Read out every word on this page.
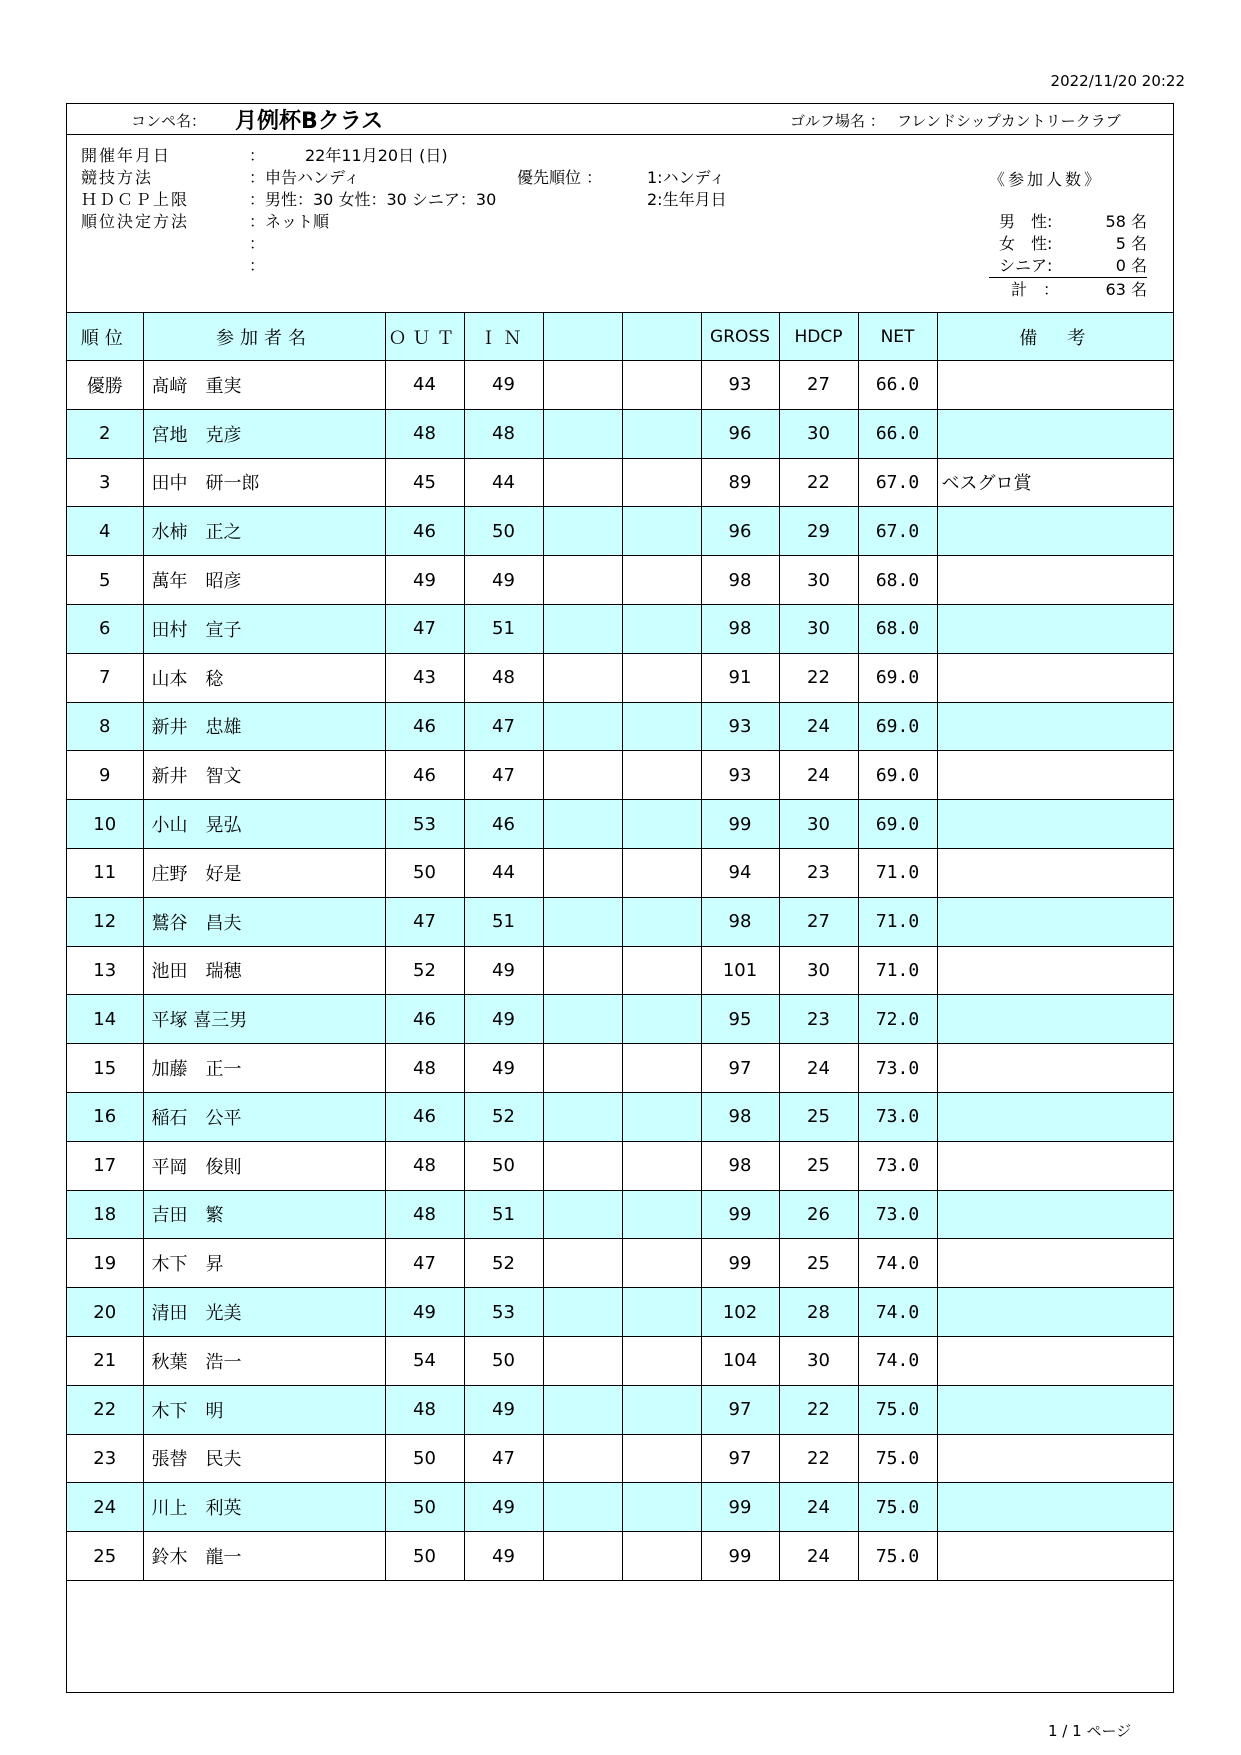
2022/11/20 20:22
コンペ名： 月例杯Bクラス	ゴルフ場名 ： フレンドシップカントリークラブ
開催年月日	：　　　22年11月20日 (日)
競技方法	：申告ハンディ
ＨＤＣＰ上限	：男性：30 女性：30 シニア：30
順位決定方法	：ネット順
：
：
優先順位 ：	1:ハンディ
2:生年月日
《参加人数》
男　性:	58 名
女　性:	5 名
シニア:	0 名
計　：	63 名
順位	参加者名	ＯＵＴ	ＩＮ			GROSS	HDCP	NET	備　考
優勝	髙﨑　重実	44	49			93	27	66.0	
2	宮地　克彦	48	48			96	30	66.0	
3	田中　研一郎	45	44			89	22	67.0	ベスグロ賞
4	水柿　正之	46	50			96	29	67.0	
5	萬年　昭彦	49	49			98	30	68.0	
6	田村　宣子	47	51			98	30	68.0	
7	山本　稔	43	48			91	22	69.0	
8	新井　忠雄	46	47			93	24	69.0	
9	新井　智文	46	47			93	24	69.0	
10	小山　晃弘	53	46			99	30	69.0	
11	庄野　好是	50	44			94	23	71.0	
12	鷲谷　昌夫	47	51			98	27	71.0	
13	池田　瑞穂	52	49			101	30	71.0	
14	平塚 喜三男	46	49			95	23	72.0	
15	加藤　正一	48	49			97	24	73.0	
16	稲石　公平	46	52			98	25	73.0	
17	平岡　俊則	48	50			98	25	73.0	
18	吉田　繁	48	51			99	26	73.0	
19	木下　昇	47	52			99	25	74.0	
20	清田　光美	49	53			102	28	74.0	
21	秋葉　浩一	54	50			104	30	74.0	
22	木下　明	48	49			97	22	75.0	
23	張替　民夫	50	47			97	22	75.0	
24	川上　利英	50	49			99	24	75.0	
25	鈴木　龍一	50	49			99	24	75.0	

1 / 1 ページ
